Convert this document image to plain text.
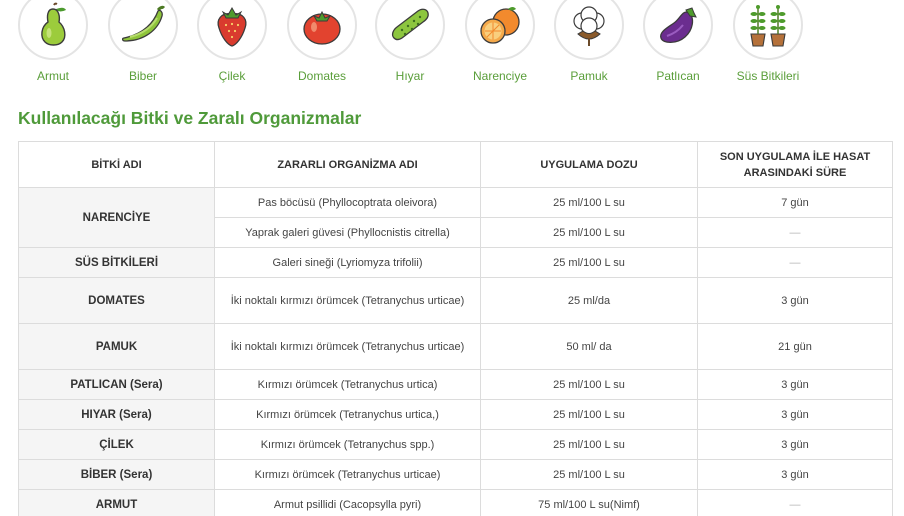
Armut	Biber	Çilek	Domates	Hıyar	Narenciye	Pamuk	Patlıcan	Süs Bitkileri
Kullanılacağı Bitki ve Zaralı Organizmalar
BİTKİ ADI	ZARARLI ORGANİZMA ADI	UYGULAMA DOZU	SON UYGULAMA İLE HASAT ARASINDAKİ SÜRE
NARENCİYE	Pas böcüsü (Phyllocoptrata oleivora)	25 ml/100 L su	7 gün
	Yaprak galeri güvesi (Phyllocnistis citrella)	25 ml/100 L su	—
SÜS BİTKİLERİ	Galeri sineği (Lyriomyza trifolii)	25 ml/100 L su	—
DOMATES	İki noktalı kırmızı örümcek (Tetranychus urticae)	25 ml/da	3 gün
PAMUK	İki noktalı kırmızı örümcek (Tetranychus urticae)	50 ml/ da	21 gün
PATLICAN (Sera)	Kırmızı örümcek (Tetranychus urtica)	25 ml/100 L su	3 gün
HIYAR (Sera)	Kırmızı örümcek (Tetranychus urtica,)	25 ml/100 L su	3 gün
ÇİLEK	Kırmızı örümcek (Tetranychus spp.)	25 ml/100 L su	3 gün
BİBER (Sera)	Kırmızı örümcek (Tetranychus urticae)	25 ml/100 L su	3 gün
ARMUT	Armut psillidi (Cacopsylla pyri)	75 ml/100 L su(Nimf)	—
